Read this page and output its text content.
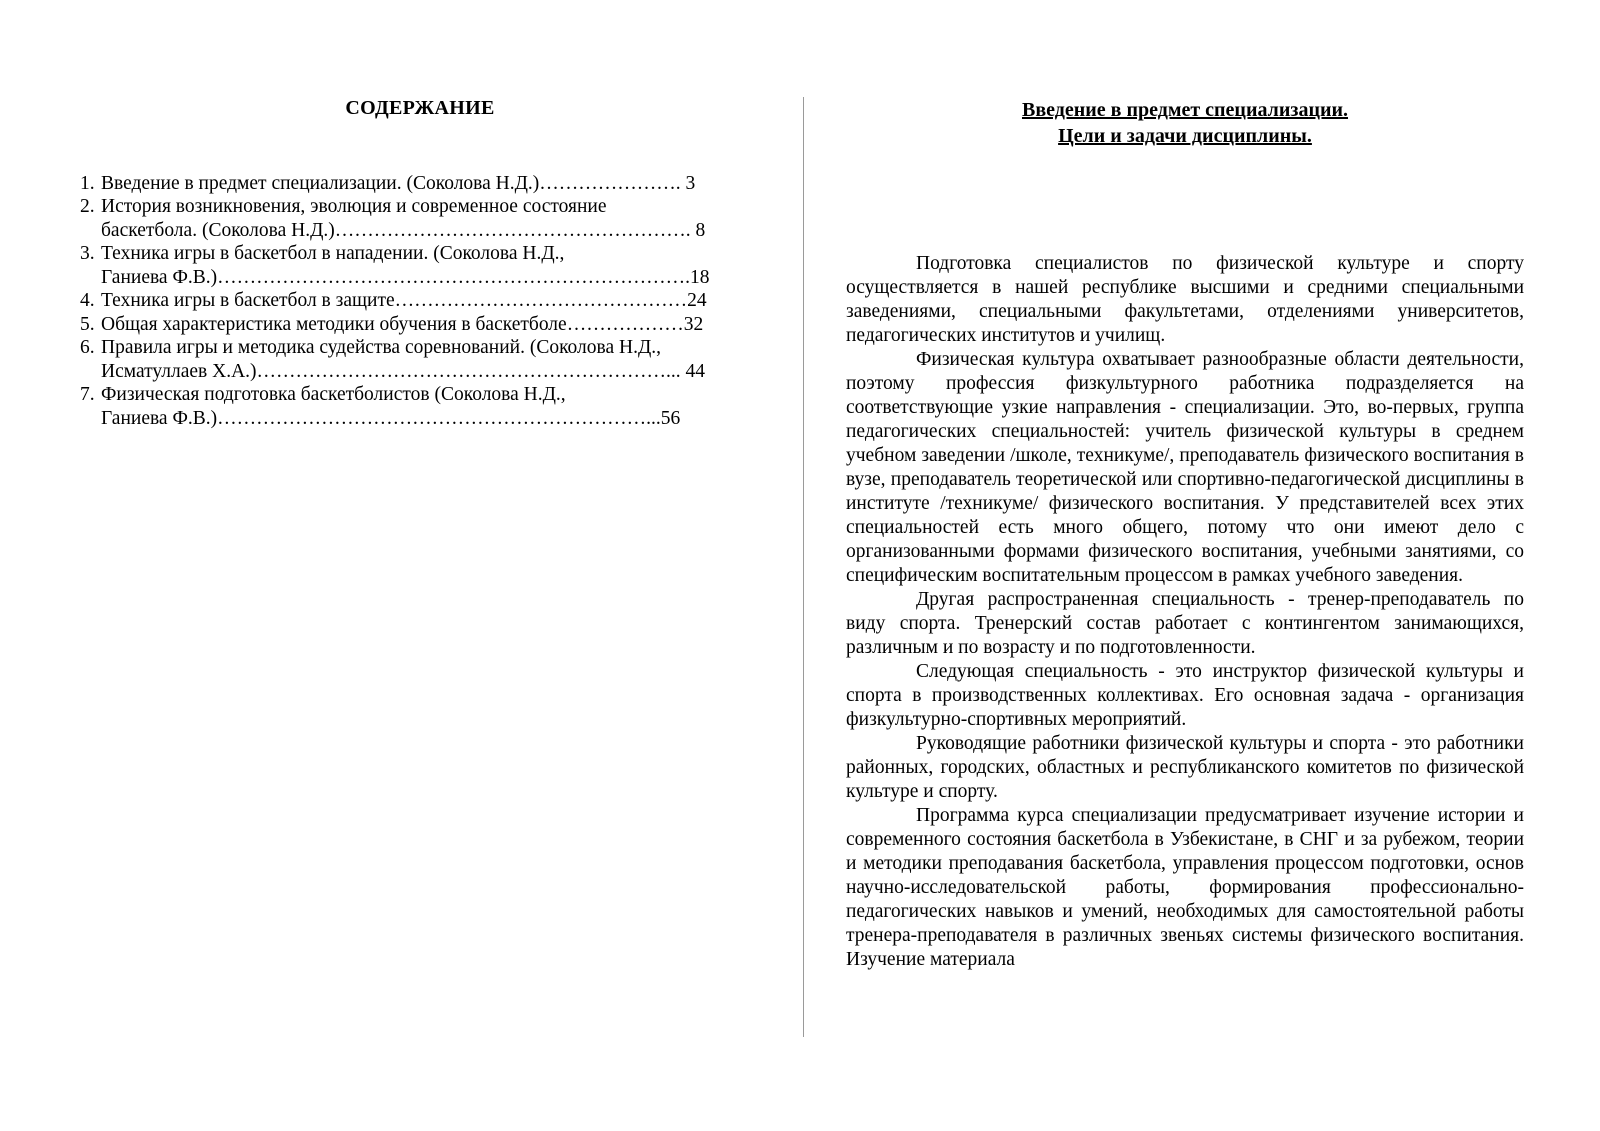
СОДЕРЖАНИЕ
1. Введение в предмет специализации. (Соколова Н.Д.)…………………. 3
2. История возникновения, эволюция и современное состояние
баскетбола. (Соколова Н.Д.)………………………………………………. 8
3. Техника игры в баскетбол в нападении. (Соколова Н.Д.,
Ганиева Ф.В.)……………………………………………………………….18
4. Техника игры в баскетбол в защите………………………………………24
5. Общая характеристика методики обучения в баскетболе………………32
6. Правила игры и методика судейства соревнований. (Соколова Н.Д.,
Исматуллаев Х.А.)………………………………………………………... 44
7. Физическая подготовка баскетболистов (Соколова Н.Д.,
Ганиева Ф.В.)…………………………………………………………...56
Введение в предмет специализации.
Цели и задачи дисциплины.

Подготовка специалистов по физической культуре и спорту осуществляется в нашей республике высшими и средними специальными заведениями, специальными факультетами, отделениями университетов, педагогических институтов и училищ.

Физическая культура охватывает разнообразные области деятельности, поэтому профессия физкультурного работника подразделяется на соответствующие узкие направления - специализации. Это, во-первых, группа педагогических специальностей: учитель физической культуры в среднем учебном заведении /школе, техникуме/, преподаватель физического воспитания в вузе, преподаватель теоретической или спортивно-педагогической дисциплины в институте /техникуме/ физического воспитания. У представителей всех этих специальностей есть много общего, потому что они имеют дело с организованными формами физического воспитания, учебными занятиями, со специфическим воспитательным процессом в рамках учебного заведения.

Другая распространенная специальность - тренер-преподаватель по виду спорта. Тренерский состав работает с контингентом занимающихся, различным и по возрасту и по подготовленности.

Следующая специальность - это инструктор физической культуры и спорта в производственных коллективах. Его основная задача - организация физкультурно-спортивных мероприятий.

Руководящие работники физической культуры и спорта - это работники районных, городских, областных и республиканского комитетов по физической культуре и спорту.

Программа курса специализации предусматривает изучение истории и современного состояния баскетбола в Узбекистане, в СНГ и за рубежом, теории и методики преподавания баскетбола, управления процессом подготовки, основ научно-исследовательской работы, формирования профессионально-педагогических навыков и умений, необходимых для самостоятельной работы тренера-преподавателя в различных звеньях системы физического воспитания. Изучение материала
